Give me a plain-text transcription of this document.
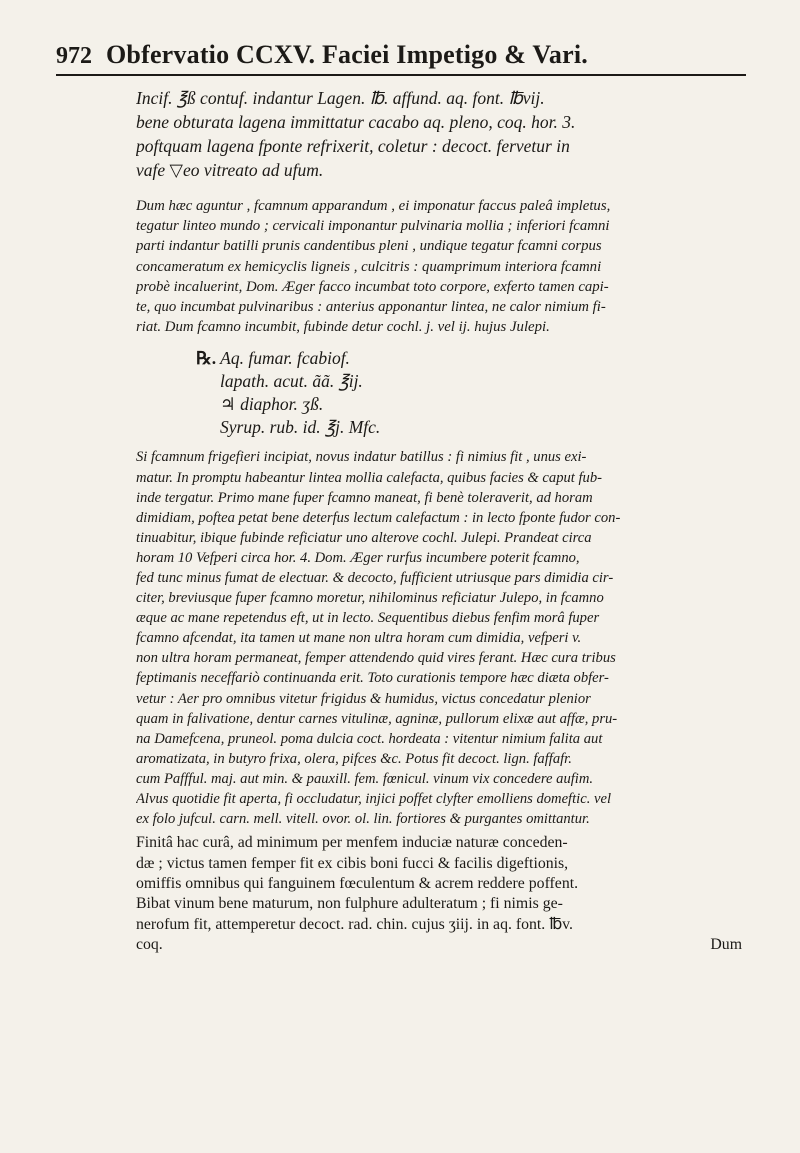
972 Obfervatio CCXV. Faciei Impetigo & Vari.

Incif. ℥ß contuf. indantur Lagen. ℔. affund. aq. font. ℔vij.
bene obturata lagena immittatur cacabo aq. pleno, coq. hor. 3.
poftquam lagena fponte refrixerit, coletur : decoct. fervetur in
vafe ▽eo vitreato ad ufum.

Dum hæc aguntur , fcamnum apparandum , ei imponatur faccus paleâ impletus,
tegatur linteo mundo ; cervicali imponantur pulvinaria mollia ; inferiori fcamni
parti indantur batilli prunis candentibus pleni , undique tegatur fcamni corpus
concameratum ex hemicyclis ligneis , culcitris : quamprimum interiora fcamni
probè incaluerint, Dom. Æger facco incumbat toto corpore, exferto tamen capi-
te, quo incumbat pulvinaribus : anterius apponantur lintea, ne calor nimium fi-
riat. Dum fcamno incumbit, fubinde detur cochl. j. vel ij. hujus Julepi.

℞. Aq. fumar. fcabiof.
lapath. acut. ãã. ℥ij.
♃ diaphor. ʒß.
Syrup. rub. id. ℥j. Mfc.

Si fcamnum frigefieri incipiat, novus indatur batillus : fi nimius fit , unus exi-
matur. In promptu habeantur lintea mollia calefacta, quibus facies & caput fub-
inde tergatur. Primo mane fuper fcamno maneat, fi benè toleraverit, ad horam
dimidiam, poftea petat bene deterfus lectum calefactum : in lecto fponte fudor con-
tinuabitur, ibique fubinde reficiatur uno alterove cochl. Julepi. Prandeat circa
horam 10 Vefperi circa hor. 4. Dom. Æger rurfus incumbere poterit fcamno,
fed tunc minus fumat de electuar. & decocto, fufficient utriusque pars dimidia cir-
citer, breviusque fuper fcamno moretur, nihilominus reficiatur Julepo, in fcamno
æque ac mane repetendus eft, ut in lecto. Sequentibus diebus fenfim morâ fuper
fcamno afcendat, ita tamen ut mane non ultra horam cum dimidia, vefperi v.
non ultra horam permaneat, femper attendendo quid vires ferant. Hæc cura tribus
feptimanis neceffariò continuanda erit. Toto curationis tempore hæc diæta obfer-
vetur : Aer pro omnibus vitetur frigidus & humidus, victus concedatur plenior
quam in falivatione, dentur carnes vitulinæ, agninæ, pullorum elixæ aut affæ, pru-
na Damefcena, pruneol. poma dulcia coct. hordeata : vitentur nimium falita aut
aromatizata, in butyro frixa, olera, pifces &c. Potus fit decoct. lign. faffafr.
cum Paffful. maj. aut min. & pauxill. fem. fœnicul. vinum vix concedere aufim.
Alvus quotidie fit aperta, fi occludatur, injici poffet clyfter emolliens domeftic. vel
ex folo jufcul. carn. mell. vitell. ovor. ol. lin. fortiores & purgantes omittantur.

Finitâ hac curâ, ad minimum per menfem induciæ naturæ conceden-
dæ ; victus tamen femper fit ex cibis boni fucci & facilis digeftionis,
omiffis omnibus qui fanguinem fœculentum & acrem reddere poffent.
Bibat vinum bene maturum, non fulphure adulteratum ; fi nimis ge-
nerofum fit, attemperetur decoct. rad. chin. cujus ʒiij. in aq. font. ℔v.

coq.	Dum
